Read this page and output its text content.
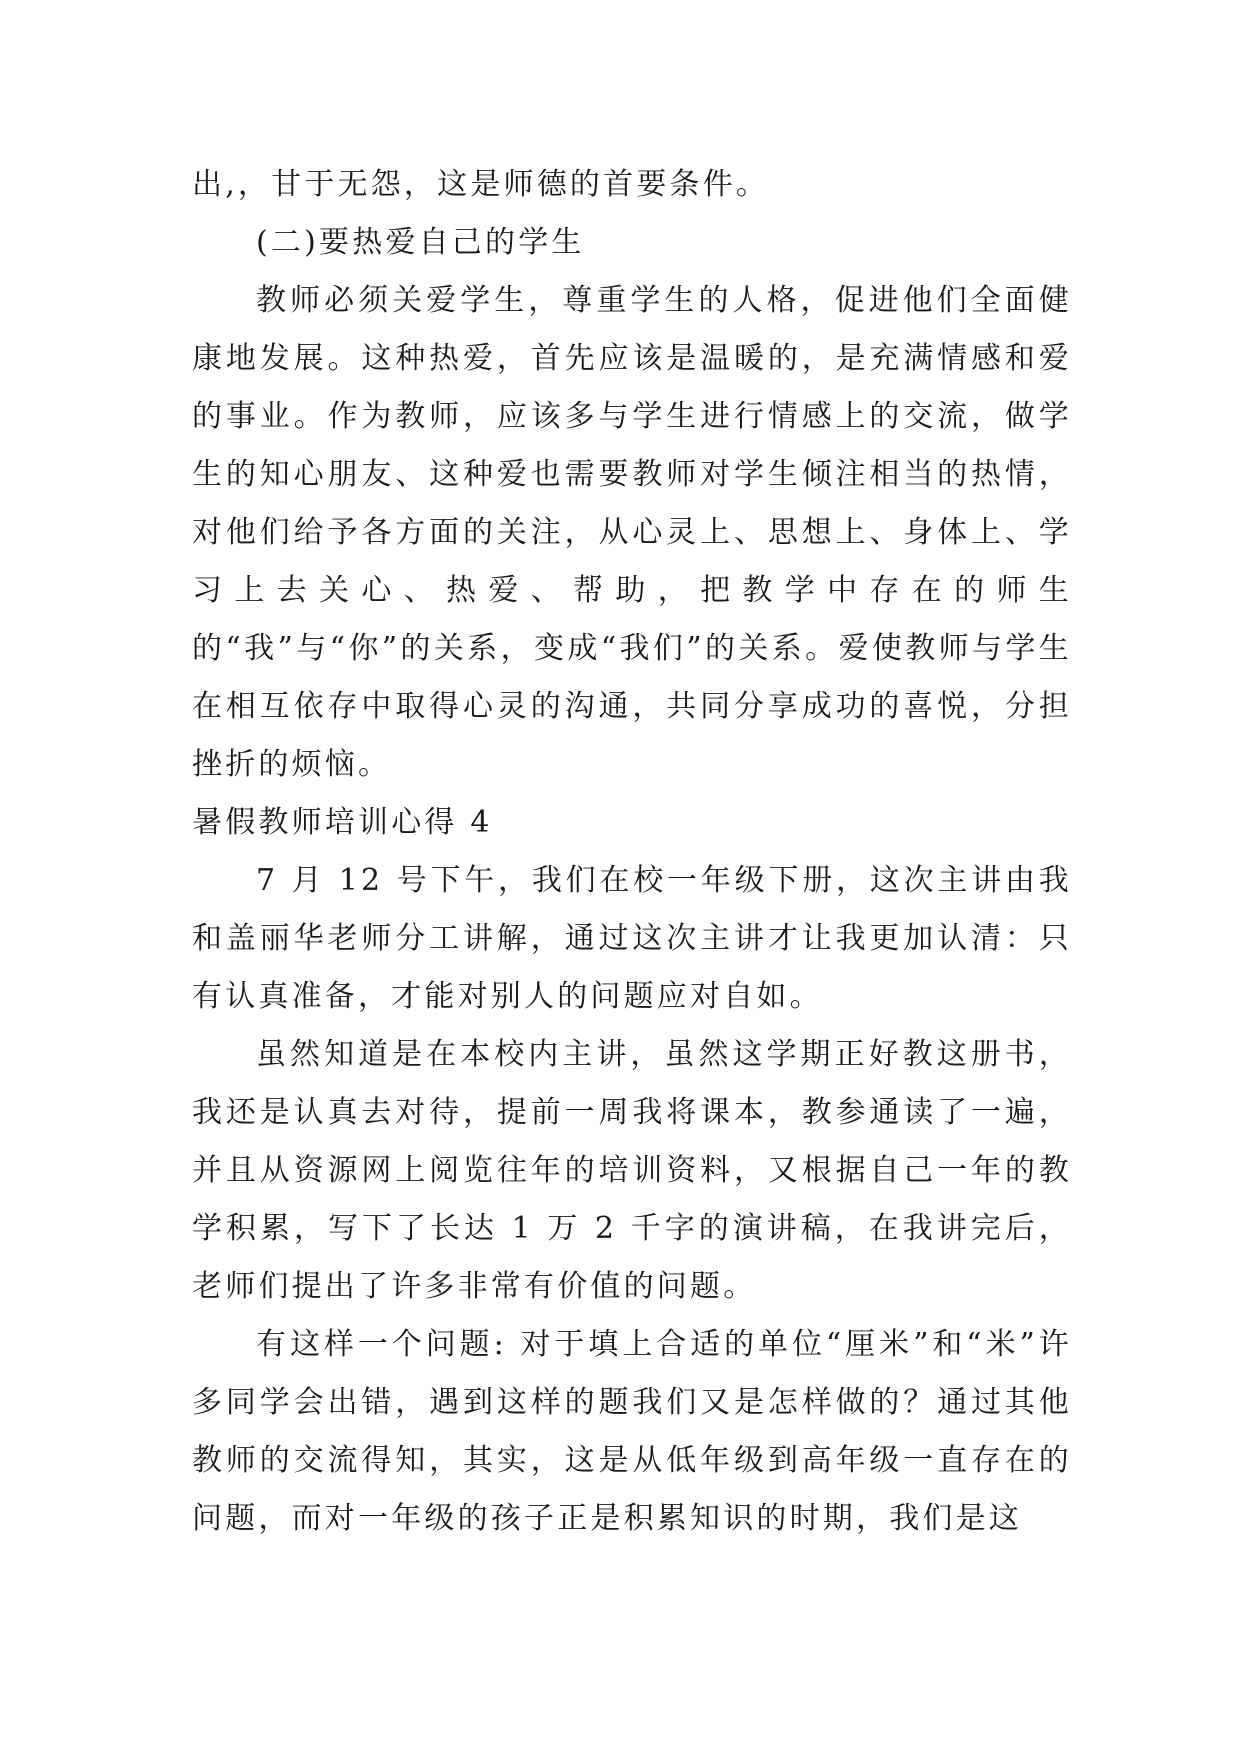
出,，甘于无怨，这是师德的首要条件。

(二)要热爱自己的学生

教师必须关爱学生，尊重学生的人格，促进他们全面健康地发展。这种热爱，首先应该是温暖的，是充满情感和爱的事业。作为教师，应该多与学生进行情感上的交流，做学生的知心朋友、这种爱也需要教师对学生倾注相当的热情，对他们给予各方面的关注，从心灵上、思想上、身体上、学习上去关心、热爱、帮助，把教学中存在的师生的“我”与“你”的关系，变成“我们”的关系。爱使教师与学生在相互依存中取得心灵的沟通，共同分享成功的喜悦，分担挫折的烦恼。

暑假教师培训心得 4

7 月 12 号下午，我们在校一年级下册，这次主讲由我和盖丽华老师分工讲解，通过这次主讲才让我更加认清：只有认真准备，才能对别人的问题应对自如。

虽然知道是在本校内主讲，虽然这学期正好教这册书，我还是认真去对待，提前一周我将课本，教参通读了一遍，并且从资源网上阅览往年的培训资料，又根据自己一年的教学积累，写下了长达 1 万 2 千字的演讲稿，在我讲完后，老师们提出了许多非常有价值的问题。

有这样一个问题: 对于填上合适的单位“厘米”和“米”许多同学会出错，遇到这样的题我们又是怎样做的？通过其他教师的交流得知，其实，这是从低年级到高年级一直存在的问题，而对一年级的孩子正是积累知识的时期，我们是这
